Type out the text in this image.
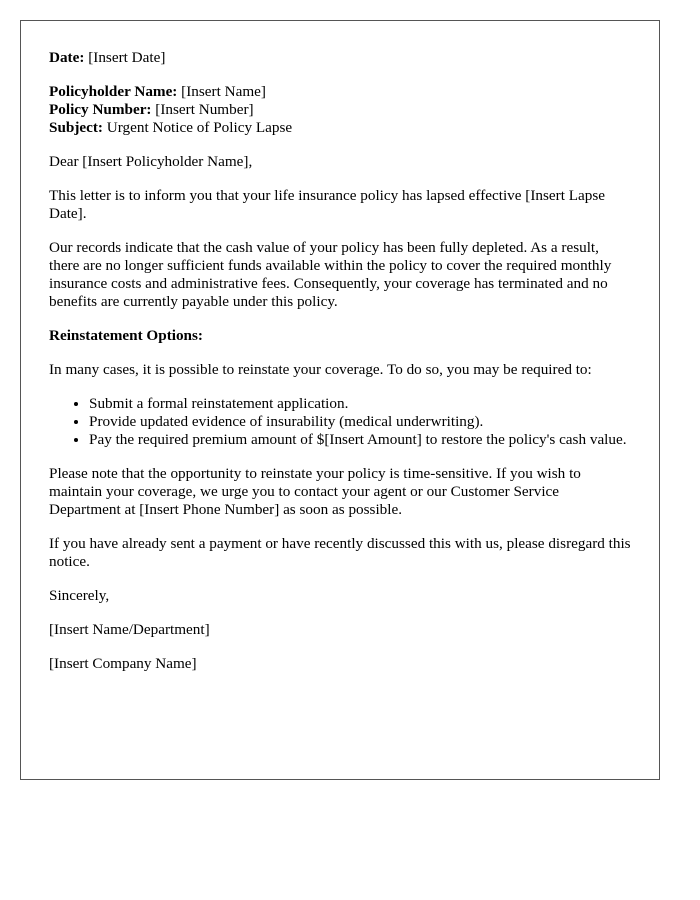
Date: [Insert Date]

Policyholder Name: [Insert Name]

Policy Number: [Insert Number]

Subject: Urgent Notice of Policy Lapse

Dear [Insert Policyholder Name],

This letter is to inform you that your life insurance policy has lapsed effective [Insert Lapse Date].

Our records indicate that the cash value of your policy has been fully depleted. As a result, there are no longer sufficient funds available within the policy to cover the required monthly insurance costs and administrative fees. Consequently, your coverage has terminated and no benefits are currently payable under this policy.

Reinstatement Options:

In many cases, it is possible to reinstate your coverage. To do so, you may be required to:

• Submit a formal reinstatement application.
• Provide updated evidence of insurability (medical underwriting).
• Pay the required premium amount of $[Insert Amount] to restore the policy's cash value.

Please note that the opportunity to reinstate your policy is time-sensitive. If you wish to maintain your coverage, we urge you to contact your agent or our Customer Service Department at [Insert Phone Number] as soon as possible.

If you have already sent a payment or have recently discussed this with us, please disregard this notice.

Sincerely,

[Insert Name/Department]

[Insert Company Name]
